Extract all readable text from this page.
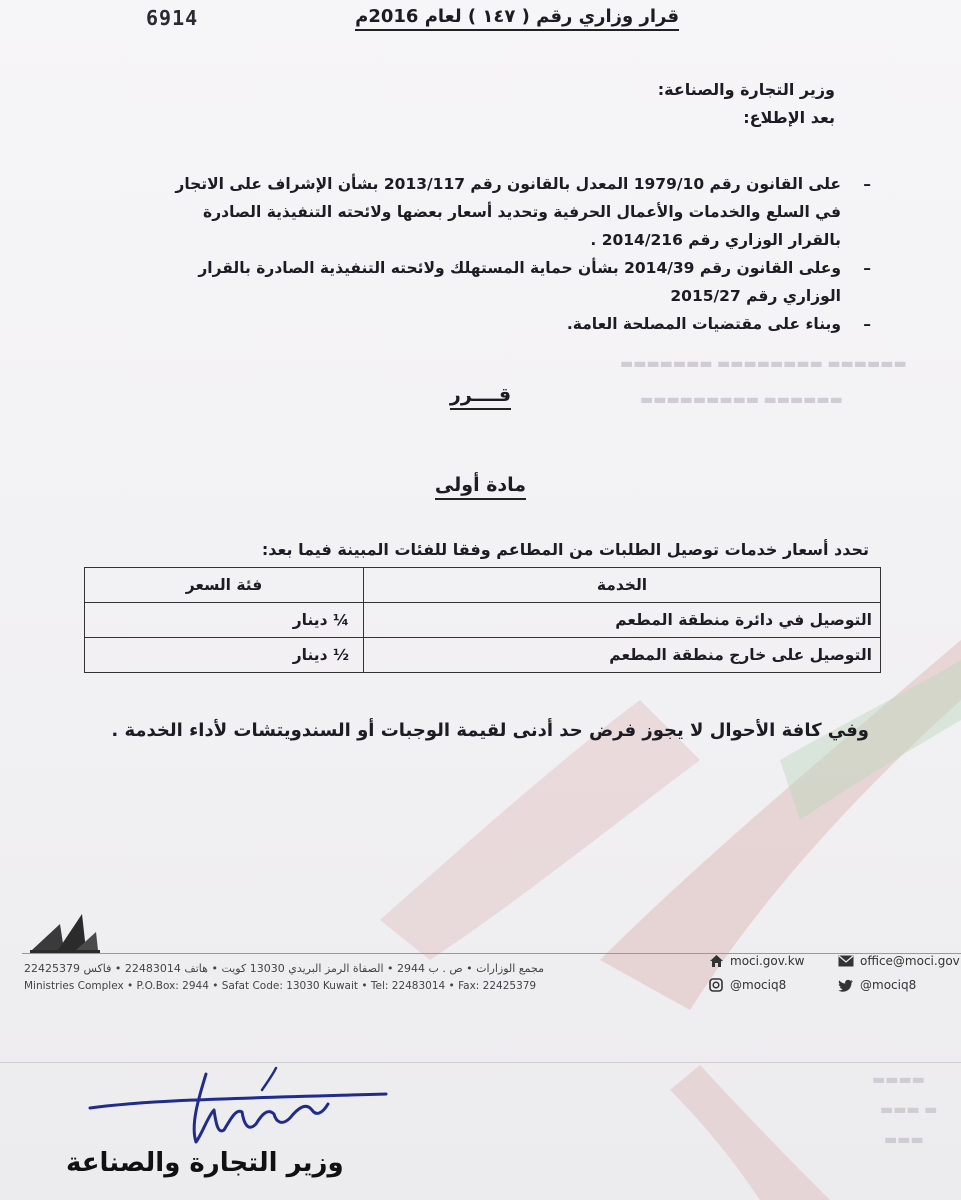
▬▬▬▬▬▬▬ ▬▬▬▬▬▬▬▬ ▬▬▬▬▬▬
▬▬▬▬▬▬▬▬▬ ▬▬▬▬▬▬
6914	قرار وزاري رقم ( ١٤٧ ) لعام 2016م
وزير التجارة والصناعة:
بعد الإطلاع:
–
على القانون رقم 1979/10 المعدل بالقانون رقم 2013/117 بشأن الإشراف على الاتجار في السلع والخدمات والأعمال الحرفية وتحديد أسعار بعضها ولائحته التنفيذية الصادرة بالقرار الوزاري رقم 2014/216 .
–
وعلى القانون رقم 2014/39 بشأن حماية المستهلك ولائحته التنفيذية الصادرة بالقرار الوزاري رقم 2015/27
–
وبناء على مقتضيات المصلحة العامة.
قــــرر
مادة أولى
تحدد أسعار خدمات توصيل الطلبات من المطاعم وفقا للفئات المبينة فيما بعد:
الخدمة	فئة السعر
التوصيل في دائرة منطقة المطعم	¼ دينار
التوصيل على خارج منطقة المطعم	½ دينار
وفي كافة الأحوال لا يجوز فرض حد أدنى لقيمة الوجبات أو السندويتشات لأداء الخدمة .
مجمع الوزارات • ص . ب 2944 • الصفاة الرمز البريدي 13030 كويت • هاتف 22483014 • فاكس 22425379
Ministries Complex • P.O.Box: 2944 • Safat Code: 13030 Kuwait • Tel: 22483014 • Fax: 22425379
moci.gov.kw	office@moci.gov
@mociq8	@mociq8
▬▬▬▬
▬▬▬ ▬
▬▬▬
وزير التجارة والصناعة
